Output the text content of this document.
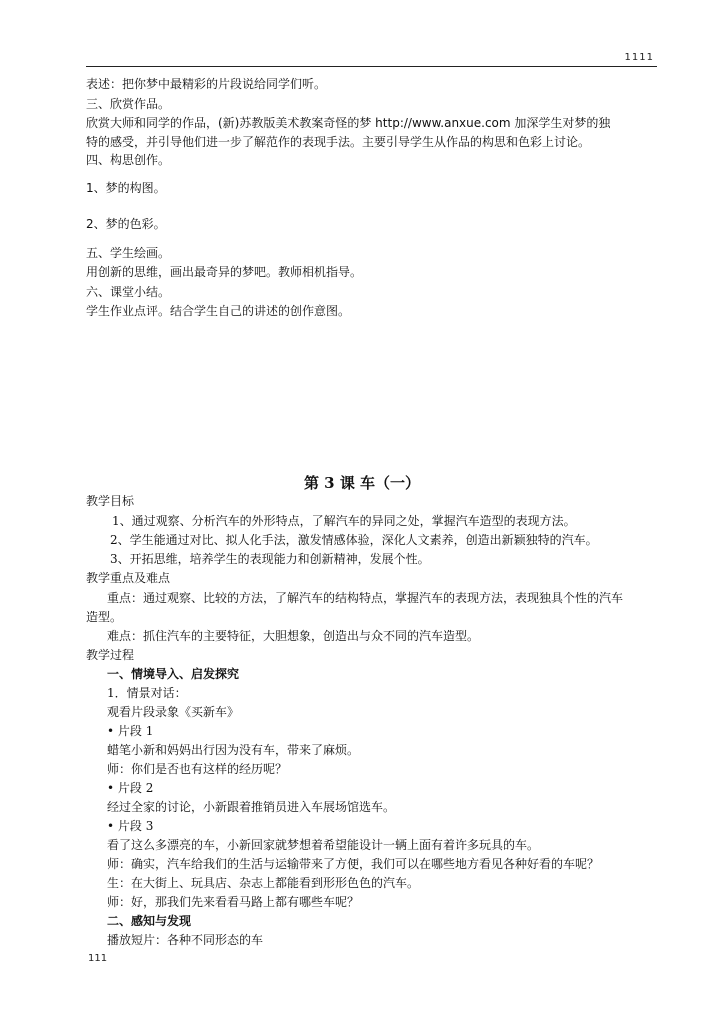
1111
表述：把你梦中最精彩的片段说给同学们听。
三、欣赏作品。
欣赏大师和同学的作品，(新)苏教版美术教案奇怪的梦 http://www.anxue.com 加深学生对梦的独
特的感受，并引导他们进一步了解范作的表现手法。主要引导学生从作品的构思和色彩上讨论。
四、构思创作。
1、梦的构图。
2、梦的色彩。
五、学生绘画。
用创新的思维，画出最奇异的梦吧。教师相机指导。
六、课堂小结。
学生作业点评。结合学生自己的讲述的创作意图。
第 3 课 车（一）
教学目标
1、通过观察、分析汽车的外形特点，了解汽车的异同之处，掌握汽车造型的表现方法。
2、学生能通过对比、拟人化手法，激发情感体验，深化人文素养，创造出新颖独特的汽车。
3、开拓思维，培养学生的表现能力和创新精神，发展个性。
教学重点及难点
重点：通过观察、比较的方法，了解汽车的结构特点，掌握汽车的表现方法，表现独具个性的汽车
造型。
难点：抓住汽车的主要特征，大胆想象，创造出与众不同的汽车造型。
教学过程
一、情境导入、启发探究
1．情景对话：
观看片段录象《买新车》
• 片段 1
蜡笔小新和妈妈出行因为没有车，带来了麻烦。
师：你们是否也有这样的经历呢？
• 片段 2
经过全家的讨论，小新跟着推销员进入车展场馆选车。
• 片段 3
看了这么多漂亮的车，小新回家就梦想着希望能设计一辆上面有着许多玩具的车。
师：确实，汽车给我们的生活与运输带来了方便，我们可以在哪些地方看见各种好看的车呢？
生：在大街上、玩具店、杂志上都能看到形形色色的汽车。
师：好，那我们先来看看马路上都有哪些车呢？
二、感知与发现
播放短片：各种不同形态的车
111
